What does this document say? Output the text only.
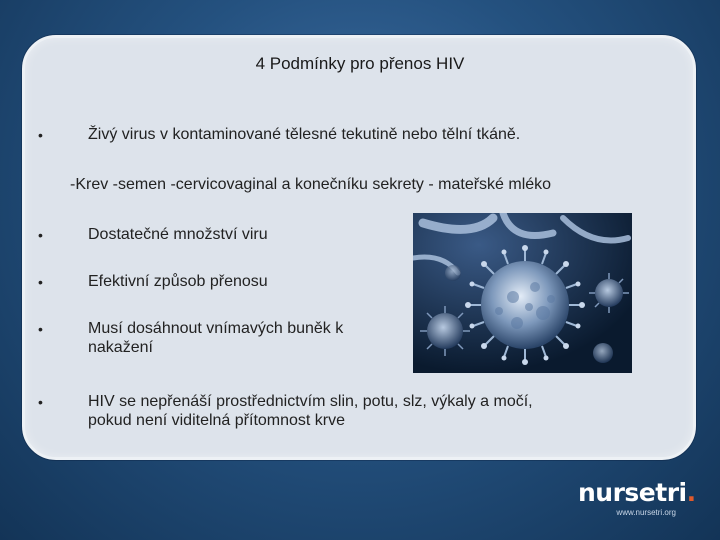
4 Podmínky pro přenos HIV
•	Živý virus v kontaminované tělesné tekutině nebo tělní tkáně.
-Krev -semen -cervicovaginal a konečníku sekrety - mateřské mléko
•	Dostatečné množství viru
•	Efektivní způsob přenosu
•	Musí dosáhnout vnímavých buněk k
nakažení
•	HIV se nepřenáší prostřednictvím slin, potu, slz, výkaly a močí,
pokud není viditelná přítomnost krve
nursetri.
www.nursetri.org
